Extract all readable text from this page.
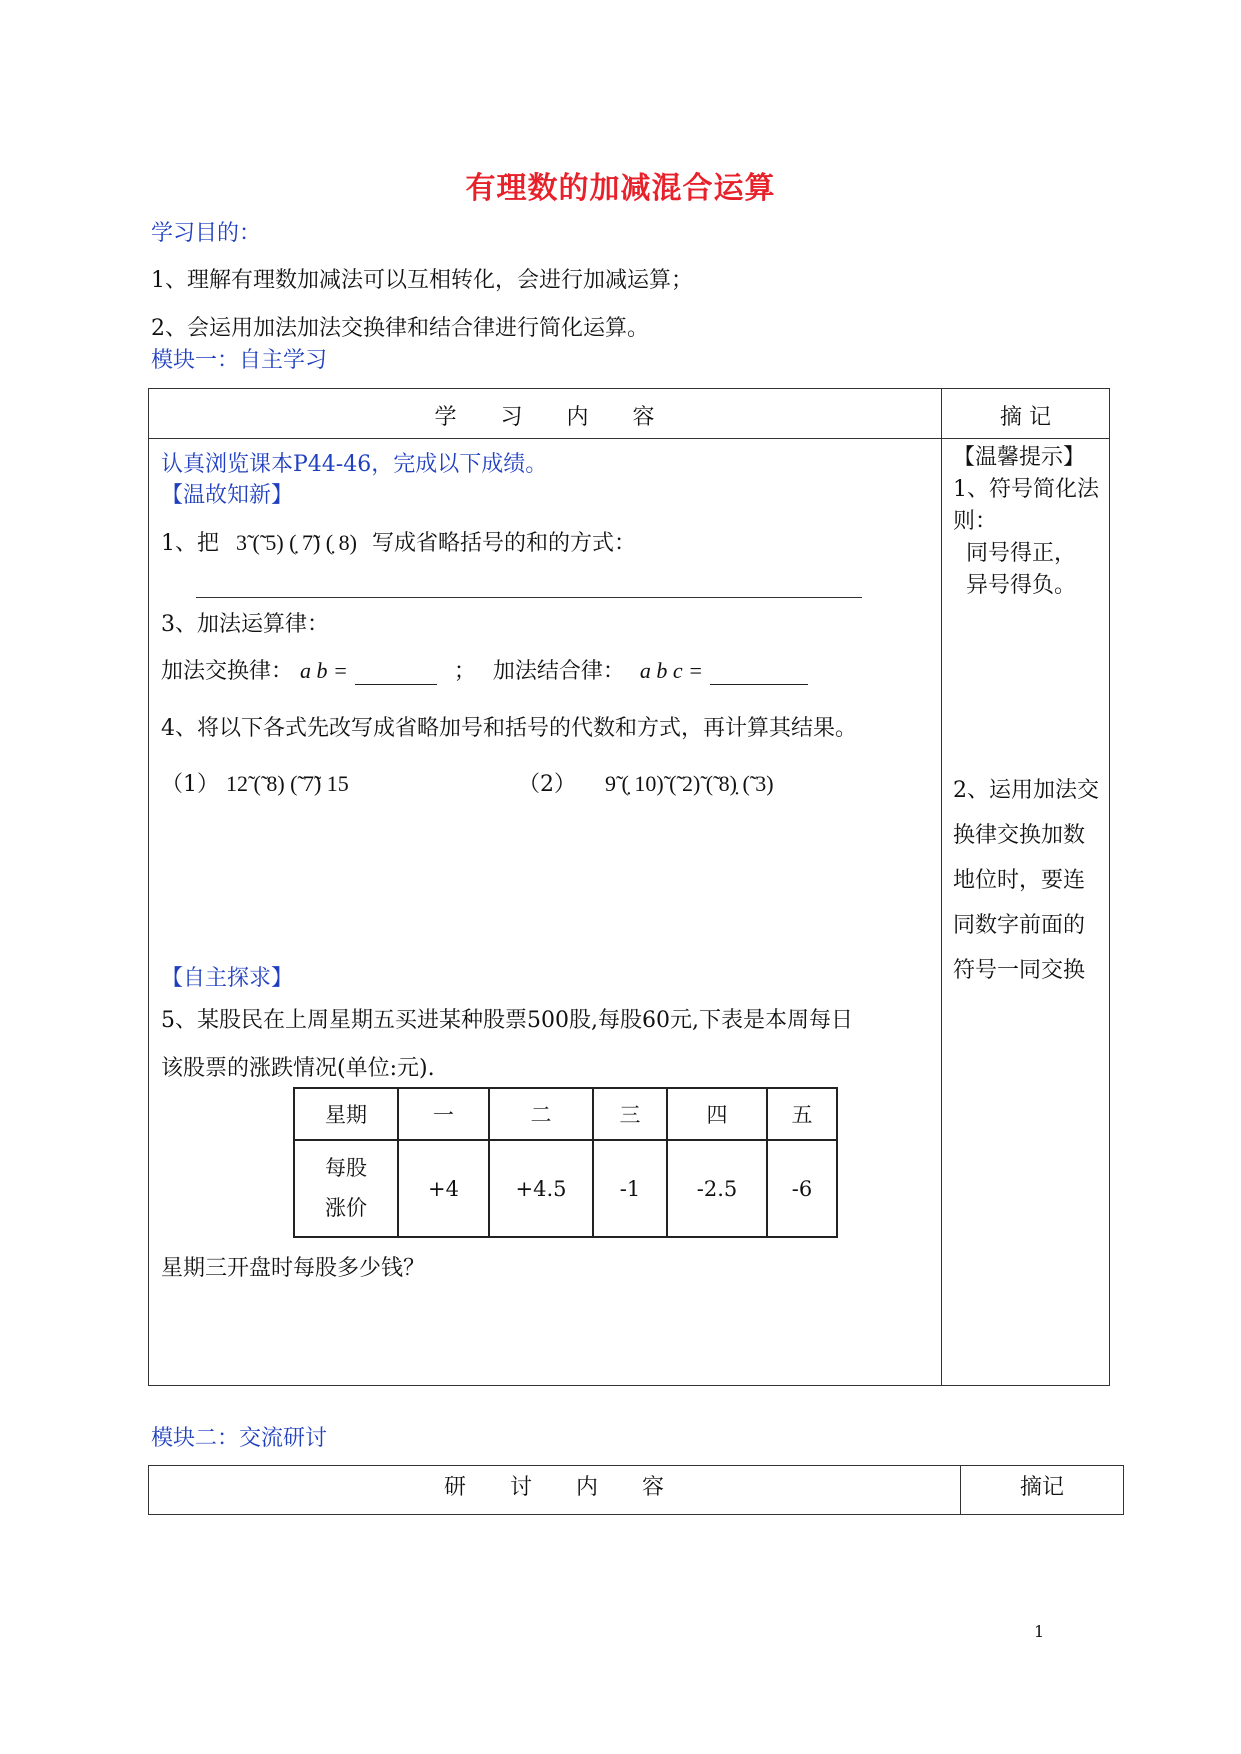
有理数的加减混合运算
学习目的：
1、理解有理数加减法可以互相转化，会进行加减运算；
2、会运用加法加法交换律和结合律进行简化运算。
模块一：自主学习
学　　习　　内　　容	摘 记
认真浏览课本P44-46，完成以下成绩。
【温故知新】
1、把 3̃ (̃ 5) (̣ 7̃) (̣ 8) 写成省略括号的和的方式：
3、加法运算律：
加法交换律： a b =	； 加法结合律： a b c =
4、将以下各式先改写成省略加号和括号的代数和方式，再计算其结果。
（1） 12̃ (̃ 8) (̃ 7̃) 15	（2） 9̃ (̣ 10)̃ (̃ 2)̃ (̃ 8)̣ (̃ 3)
【自主探求】
5、某股民在上周星期五买进某种股票500股,每股60元,下表是本周每日
该股票的涨跌情况(单位:元).
星期	一	二	三	四	五

每股
涨价	+4	+4.5	-1	-2.5	-6
星期三开盘时每股多少钱？
【温馨提示】
1、符号简化法
则：
同号得正，
异号得负。
2、运用加法交
换律交换加数
地位时，要连
同数字前面的
符号一同交换
模块二：交流研讨
研　　讨　　内　　容	摘记
1
